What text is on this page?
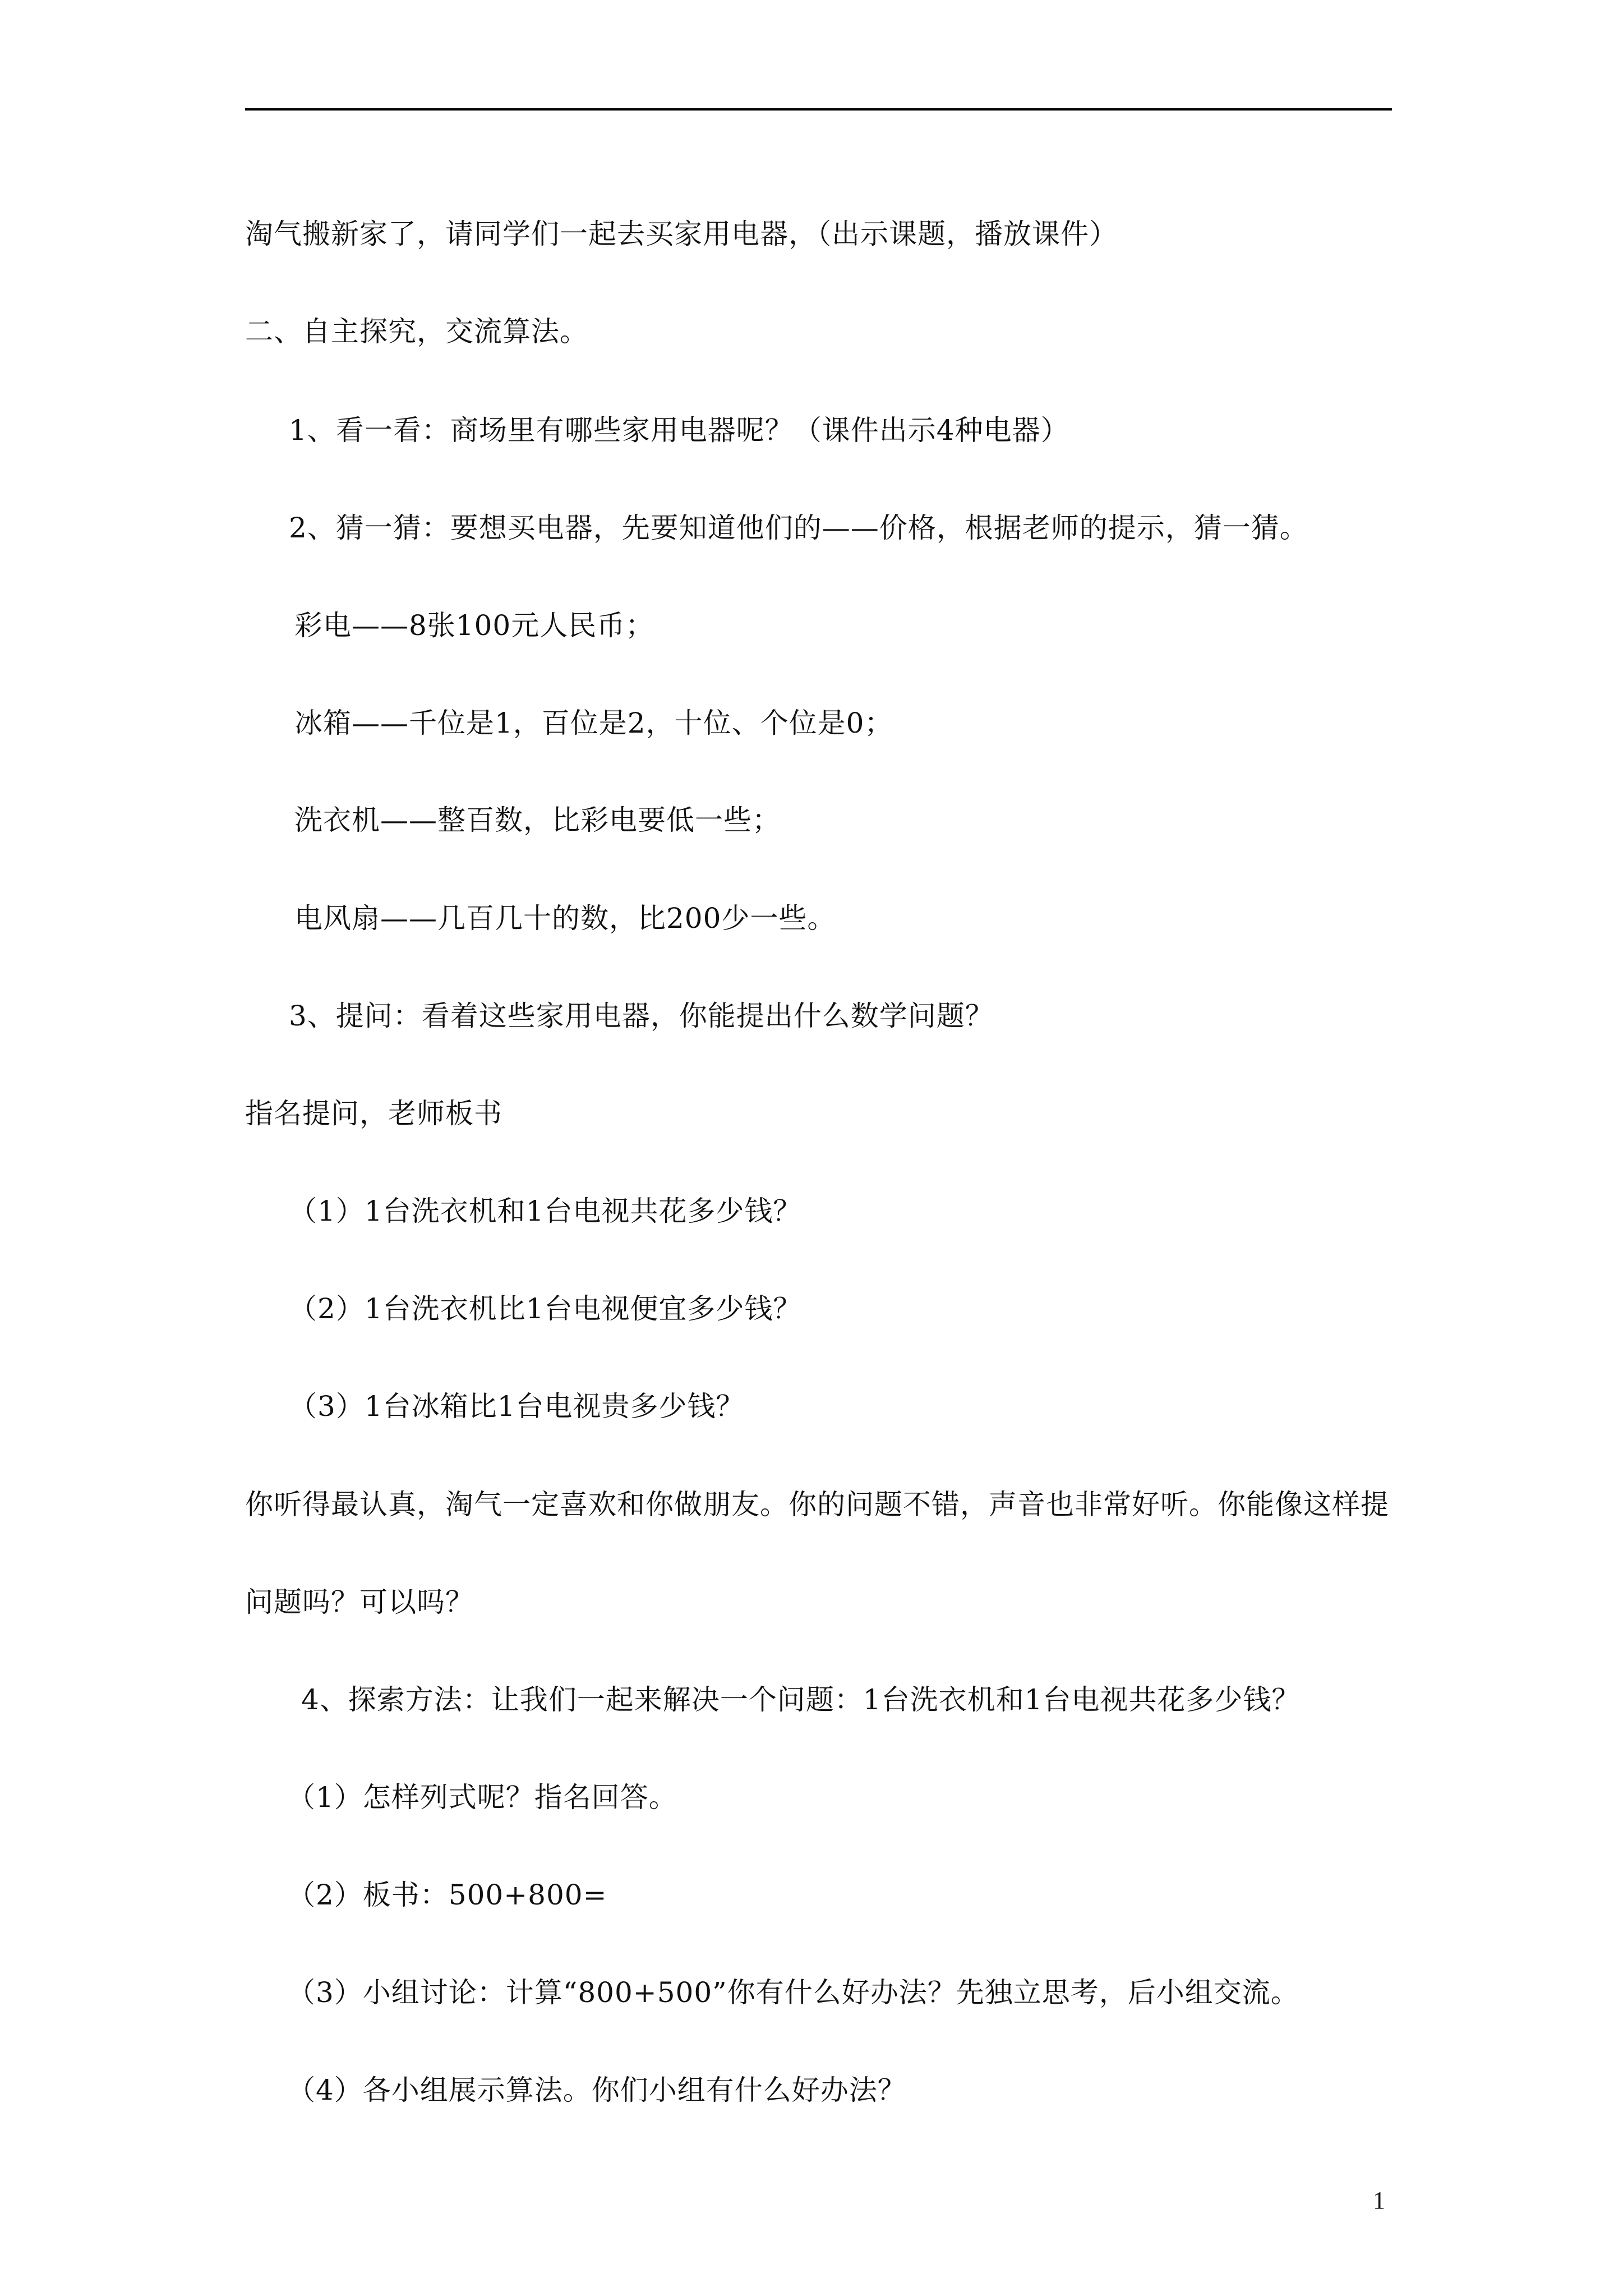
淘气搬新家了，请同学们一起去买家用电器，（出示课题，播放课件）
二、自主探究，交流算法。
1、看一看：商场里有哪些家用电器呢？（课件出示4种电器）
2、猜一猜：要想买电器，先要知道他们的——价格，根据老师的提示，猜一猜。
彩电——8张100元人民币；
冰箱——千位是1，百位是2，十位、个位是0；
洗衣机——整百数，比彩电要低一些；
电风扇——几百几十的数，比200少一些。
3、提问：看着这些家用电器，你能提出什么数学问题？
指名提问，老师板书
（1）1台洗衣机和1台电视共花多少钱？
（2）1台洗衣机比1台电视便宜多少钱？
（3）1台冰箱比1台电视贵多少钱？
你听得最认真，淘气一定喜欢和你做朋友。你的问题不错，声音也非常好听。你能像这样提
问题吗？可以吗？
4、探索方法：让我们一起来解决一个问题：1台洗衣机和1台电视共花多少钱？
（1）怎样列式呢？指名回答。
（2）板书：500+800=
（3）小组讨论：计算“800+500”你有什么好办法？先独立思考，后小组交流。
（4）各小组展示算法。你们小组有什么好办法？
1
